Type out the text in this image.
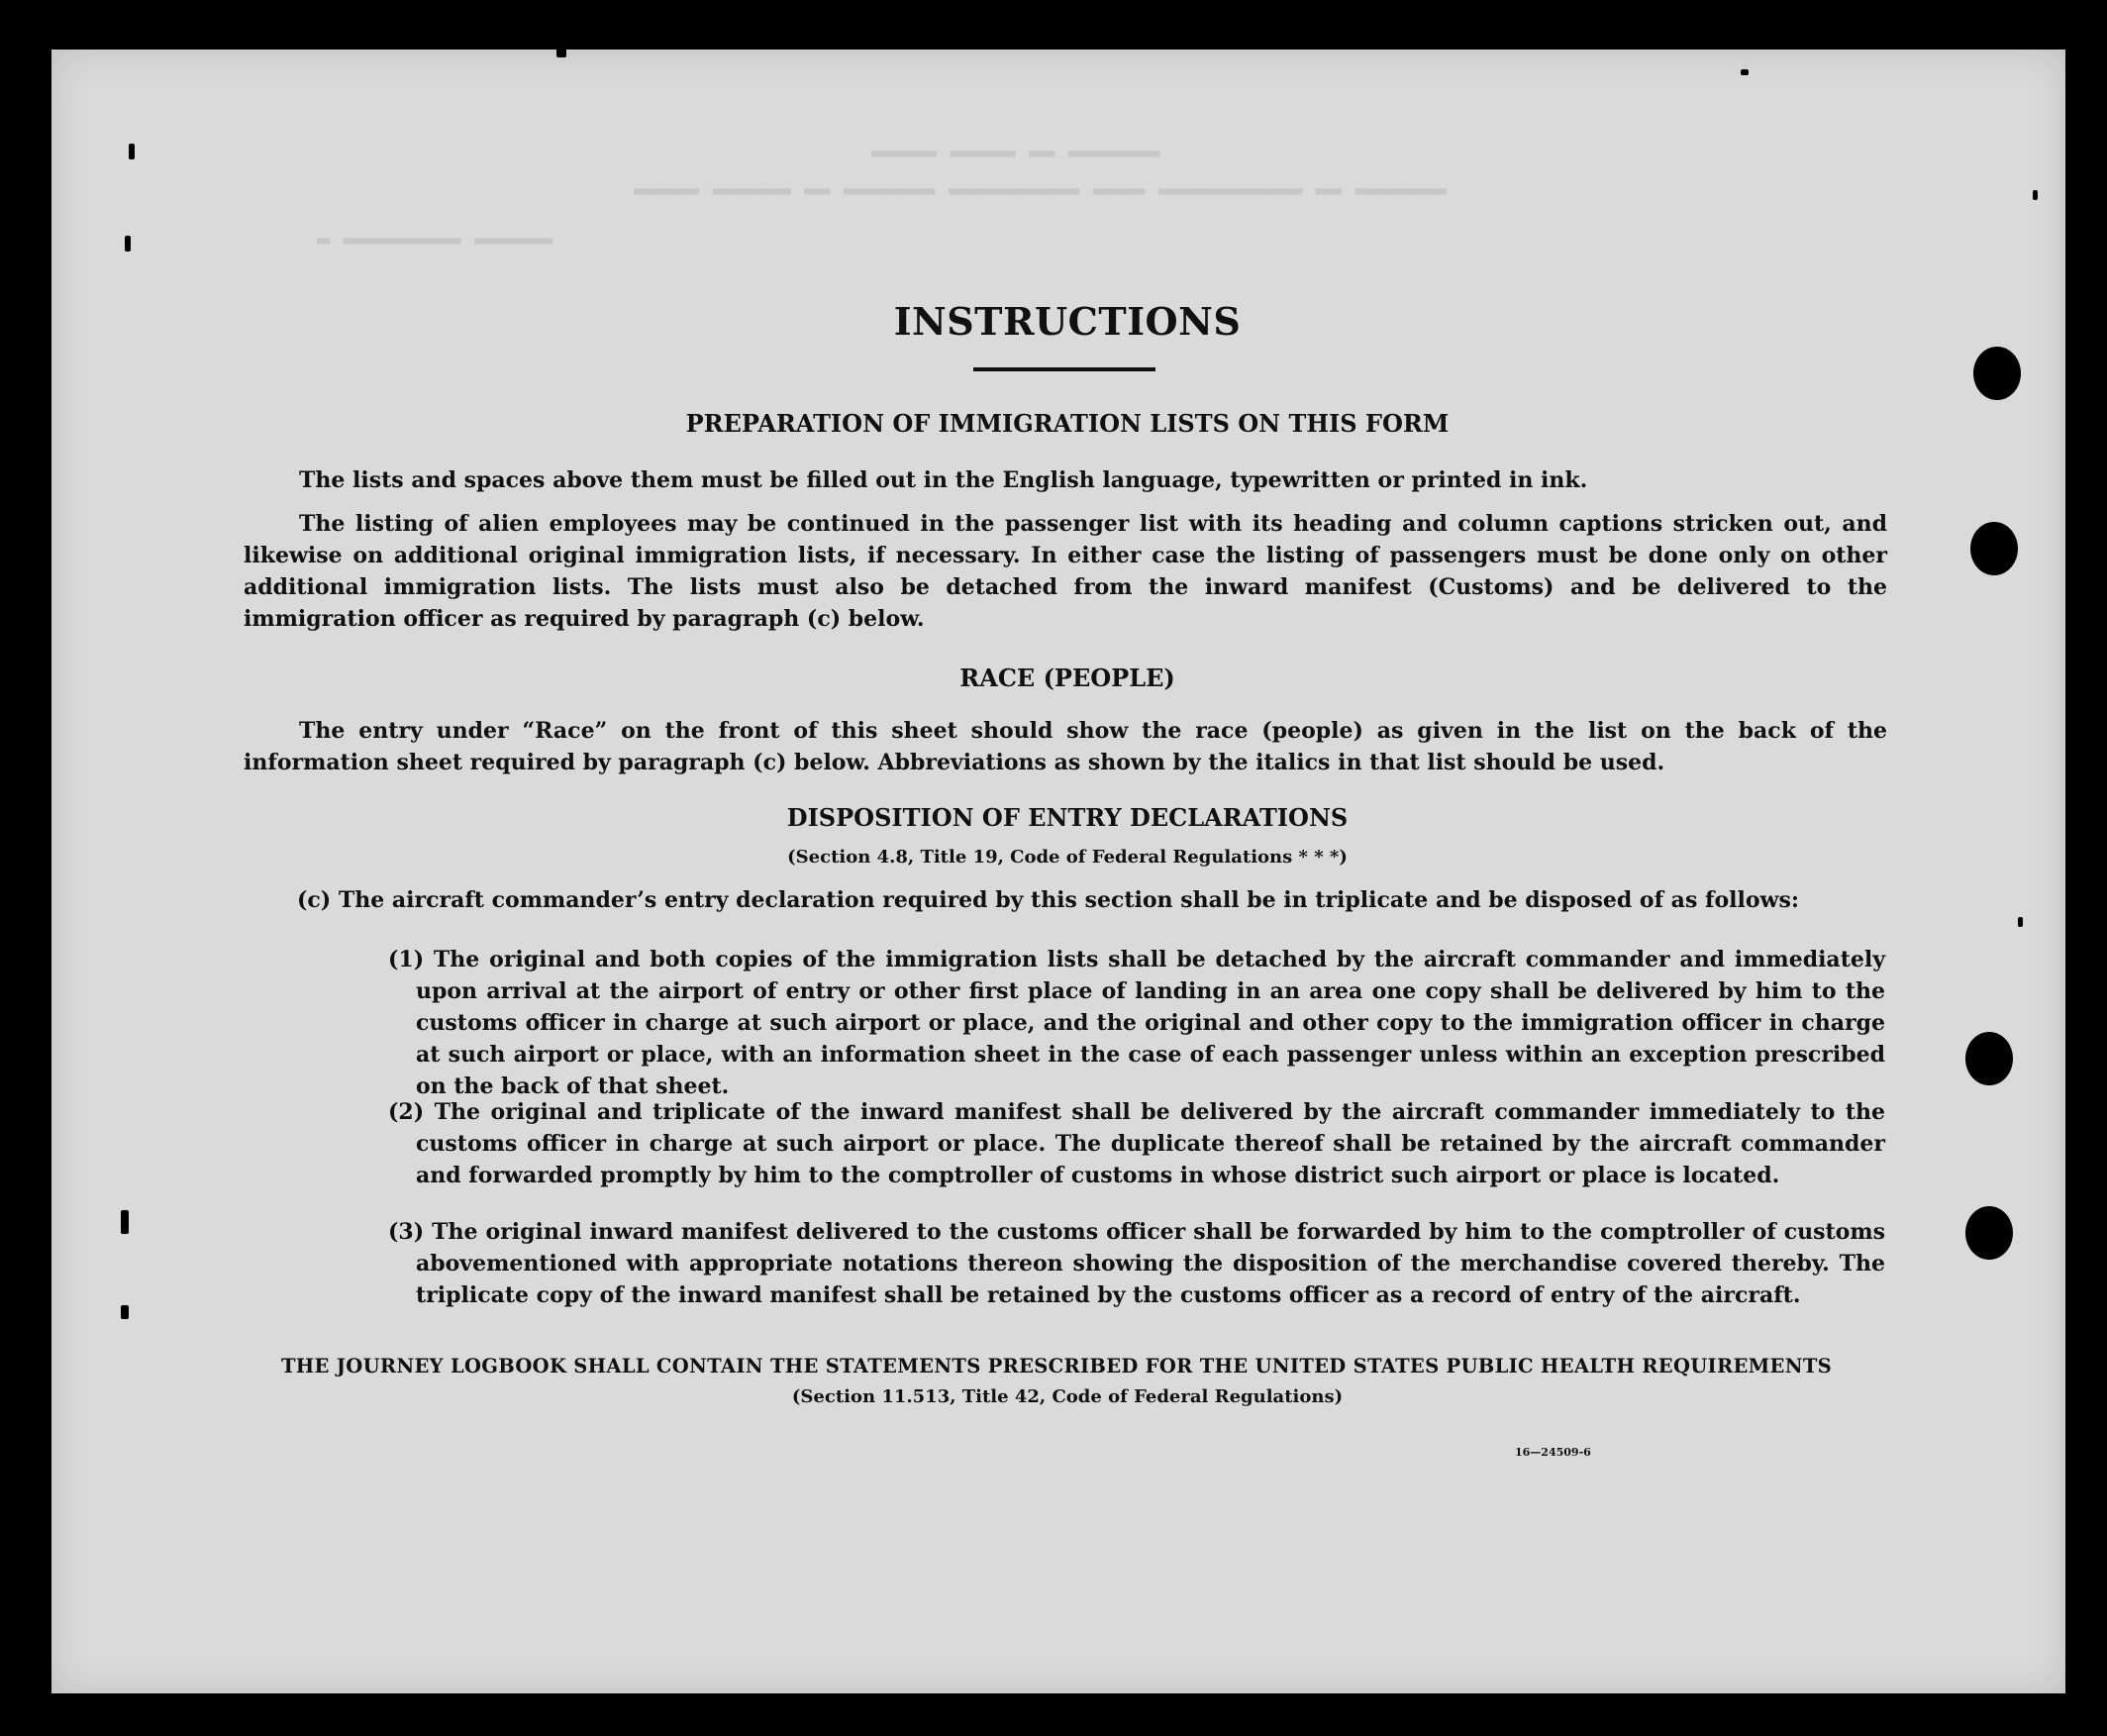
▬▬▬▬▬ ▬▬▬▬▬ ▬▬ ▬▬▬▬▬▬▬
▬▬▬▬▬ ▬▬▬▬▬▬ ▬▬ ▬▬▬▬▬▬▬ ▬▬▬▬▬▬▬▬▬▬ ▬▬▬▬ ▬▬▬▬▬▬▬▬▬▬▬ ▬▬ ▬▬▬▬▬▬▬
▬ ▬▬▬▬▬▬▬▬▬ ▬▬▬▬▬▬
INSTRUCTIONS
PREPARATION OF IMMIGRATION LISTS ON THIS FORM

The lists and spaces above them must be filled out in the English language, typewritten or printed in ink.

The listing of alien employees may be continued in the passenger list with its heading and column captions stricken out, and likewise on additional original immigration lists, if necessary. In either case the listing of passengers must be done only on other additional immigration lists. The lists must also be detached from the inward manifest (Customs) and be delivered to the immigration officer as required by paragraph (c) below.

RACE (PEOPLE)

The entry under “Race” on the front of this sheet should show the race (people) as given in the list on the back of the information sheet required by paragraph (c) below. Abbreviations as shown by the italics in that list should be used.

DISPOSITION OF ENTRY DECLARATIONS
(Section 4.8, Title 19, Code of Federal Regulations * * *)

(c) The aircraft commander’s entry declaration required by this section shall be in triplicate and be disposed of as follows:

(1) The original and both copies of the immigration lists shall be detached by the aircraft commander and immediately upon arrival at the airport of entry or other first place of landing in an area one copy shall be delivered by him to the customs officer in charge at such airport or place, and the original and other copy to the immigration officer in charge at such airport or place, with an information sheet in the case of each passenger unless within an exception prescribed on the back of that sheet.

(2) The original and triplicate of the inward manifest shall be delivered by the aircraft commander immediately to the customs officer in charge at such airport or place. The duplicate thereof shall be retained by the aircraft commander and forwarded promptly by him to the comptroller of customs in whose district such airport or place is located.

(3) The original inward manifest delivered to the customs officer shall be forwarded by him to the comptroller of customs abovementioned with appropriate notations thereon showing the disposition of the merchandise covered thereby. The triplicate copy of the inward manifest shall be retained by the customs officer as a record of entry of the aircraft.

THE JOURNEY LOGBOOK SHALL CONTAIN THE STATEMENTS PRESCRIBED FOR THE UNITED STATES PUBLIC HEALTH REQUIREMENTS
(Section 11.513, Title 42, Code of Federal Regulations)
16—24509-6
